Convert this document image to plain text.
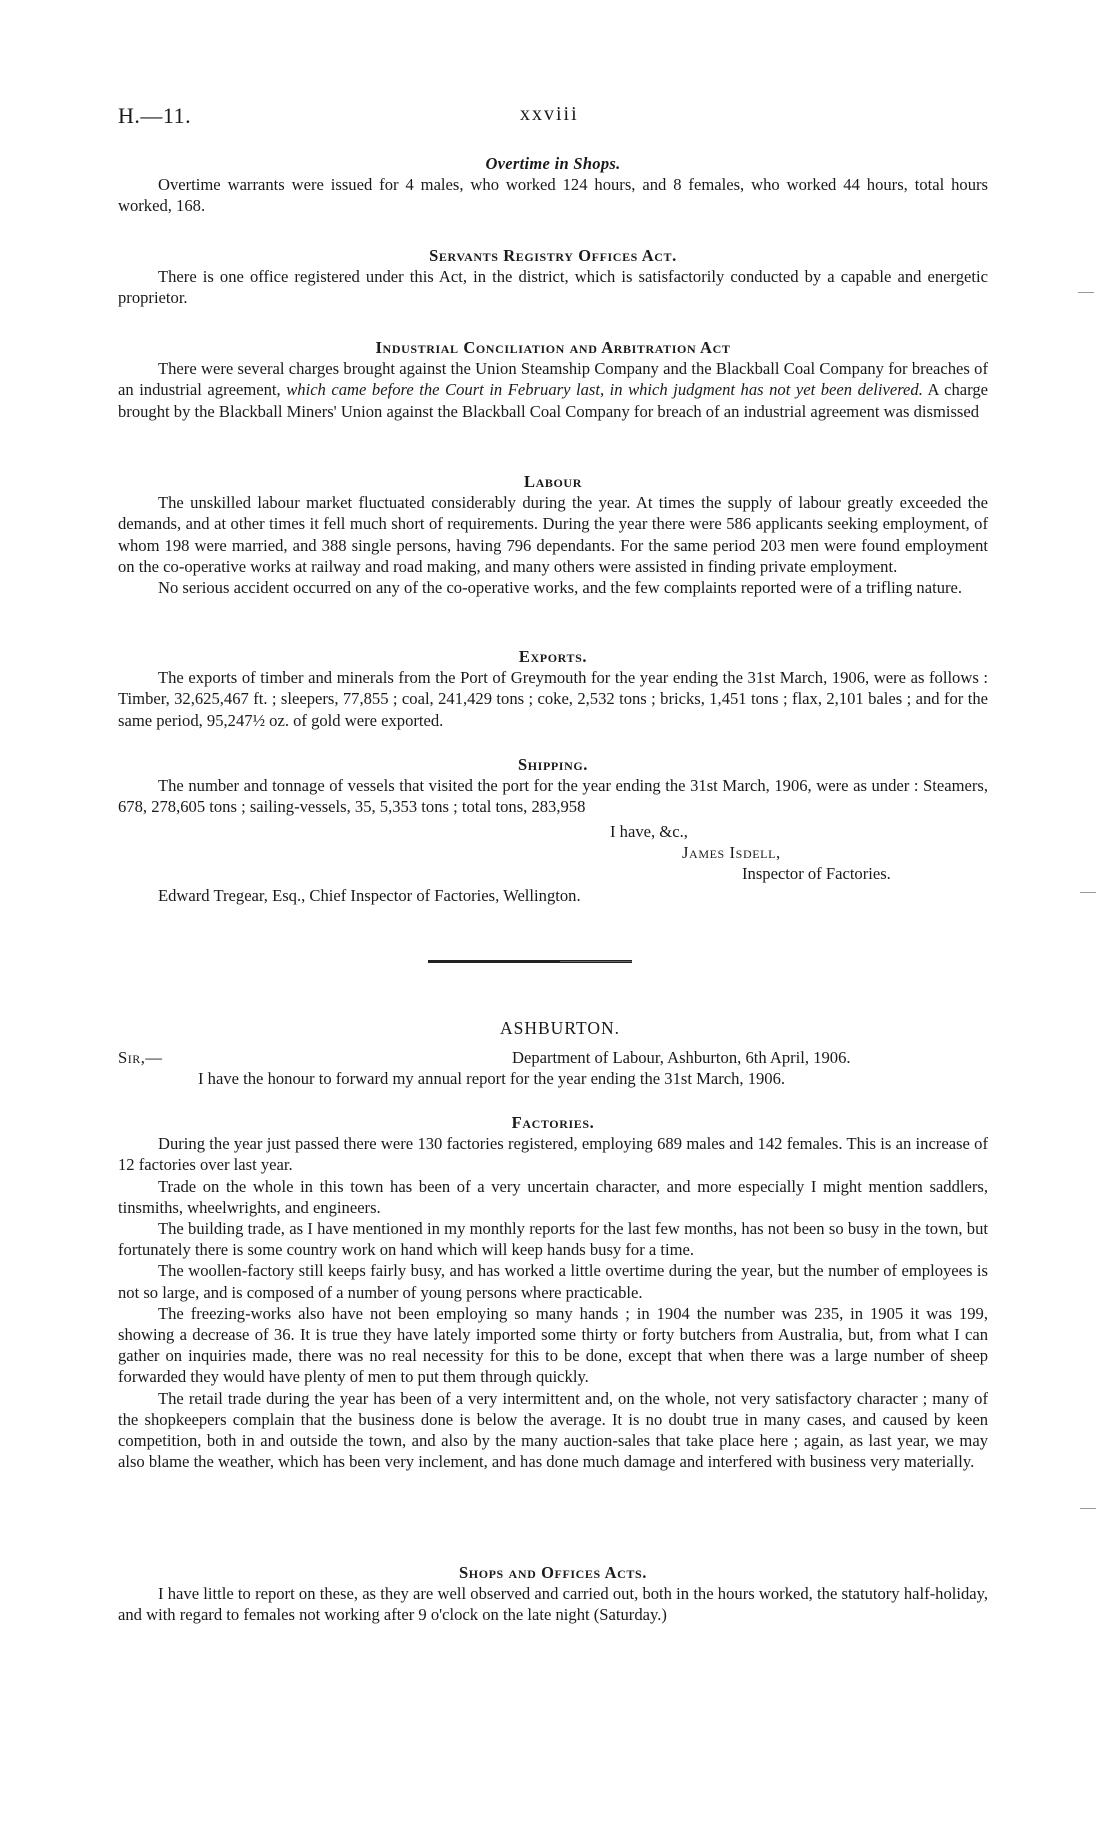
H.—11.	xxviii
Overtime in Shops.

Overtime warrants were issued for 4 males, who worked 124 hours, and 8 females, who worked 44 hours, total hours worked, 168.

Servants Registry Offices Act.

There is one office registered under this Act, in the district, which is satisfactorily conducted by a capable and energetic proprietor.

Industrial Conciliation and Arbitration Act

There were several charges brought against the Union Steamship Company and the Blackball Coal Company for breaches of an industrial agreement, which came before the Court in February last, in which judgment has not yet been delivered. A charge brought by the Blackball Miners' Union against the Blackball Coal Company for breach of an industrial agreement was dismissed

Labour

The unskilled labour market fluctuated considerably during the year. At times the supply of labour greatly exceeded the demands, and at other times it fell much short of requirements. During the year there were 586 applicants seeking employment, of whom 198 were married, and 388 single persons, having 796 dependants. For the same period 203 men were found employment on the co-operative works at railway and road making, and many others were assisted in finding private employment.

No serious accident occurred on any of the co-operative works, and the few complaints reported were of a trifling nature.

Exports.

The exports of timber and minerals from the Port of Greymouth for the year ending the 31st March, 1906, were as follows : Timber, 32,625,467 ft. ; sleepers, 77,855 ; coal, 241,429 tons ; coke, 2,532 tons ; bricks, 1,451 tons ; flax, 2,101 bales ; and for the same period, 95,247½ oz. of gold were exported.

Shipping.

The number and tonnage of vessels that visited the port for the year ending the 31st March, 1906, were as under : Steamers, 678, 278,605 tons ; sailing-vessels, 35, 5,353 tons ; total tons, 283,958

I have, &c.,
James Isdell,
Inspector of Factories.
Edward Tregear, Esq., Chief Inspector of Factories, Wellington.
ASHBURTON.
Sir,—	Department of Labour, Ashburton, 6th April, 1906.
I have the honour to forward my annual report for the year ending the 31st March, 1906.
Factories.

During the year just passed there were 130 factories registered, employing 689 males and 142 females. This is an increase of 12 factories over last year.

Trade on the whole in this town has been of a very uncertain character, and more especially I might mention saddlers, tinsmiths, wheelwrights, and engineers.

The building trade, as I have mentioned in my monthly reports for the last few months, has not been so busy in the town, but fortunately there is some country work on hand which will keep hands busy for a time.

The woollen-factory still keeps fairly busy, and has worked a little overtime during the year, but the number of employees is not so large, and is composed of a number of young persons where practicable.

The freezing-works also have not been employing so many hands ; in 1904 the number was 235, in 1905 it was 199, showing a decrease of 36. It is true they have lately imported some thirty or forty butchers from Australia, but, from what I can gather on inquiries made, there was no real necessity for this to be done, except that when there was a large number of sheep forwarded they would have plenty of men to put them through quickly.

The retail trade during the year has been of a very intermittent and, on the whole, not very satisfactory character ; many of the shopkeepers complain that the business done is below the average. It is no doubt true in many cases, and caused by keen competition, both in and outside the town, and also by the many auction-sales that take place here ; again, as last year, we may also blame the weather, which has been very inclement, and has done much damage and interfered with business very materially.

Shops and Offices Acts.

I have little to report on these, as they are well observed and carried out, both in the hours worked, the statutory half-holiday, and with regard to females not working after 9 o'clock on the late night (Saturday.)
